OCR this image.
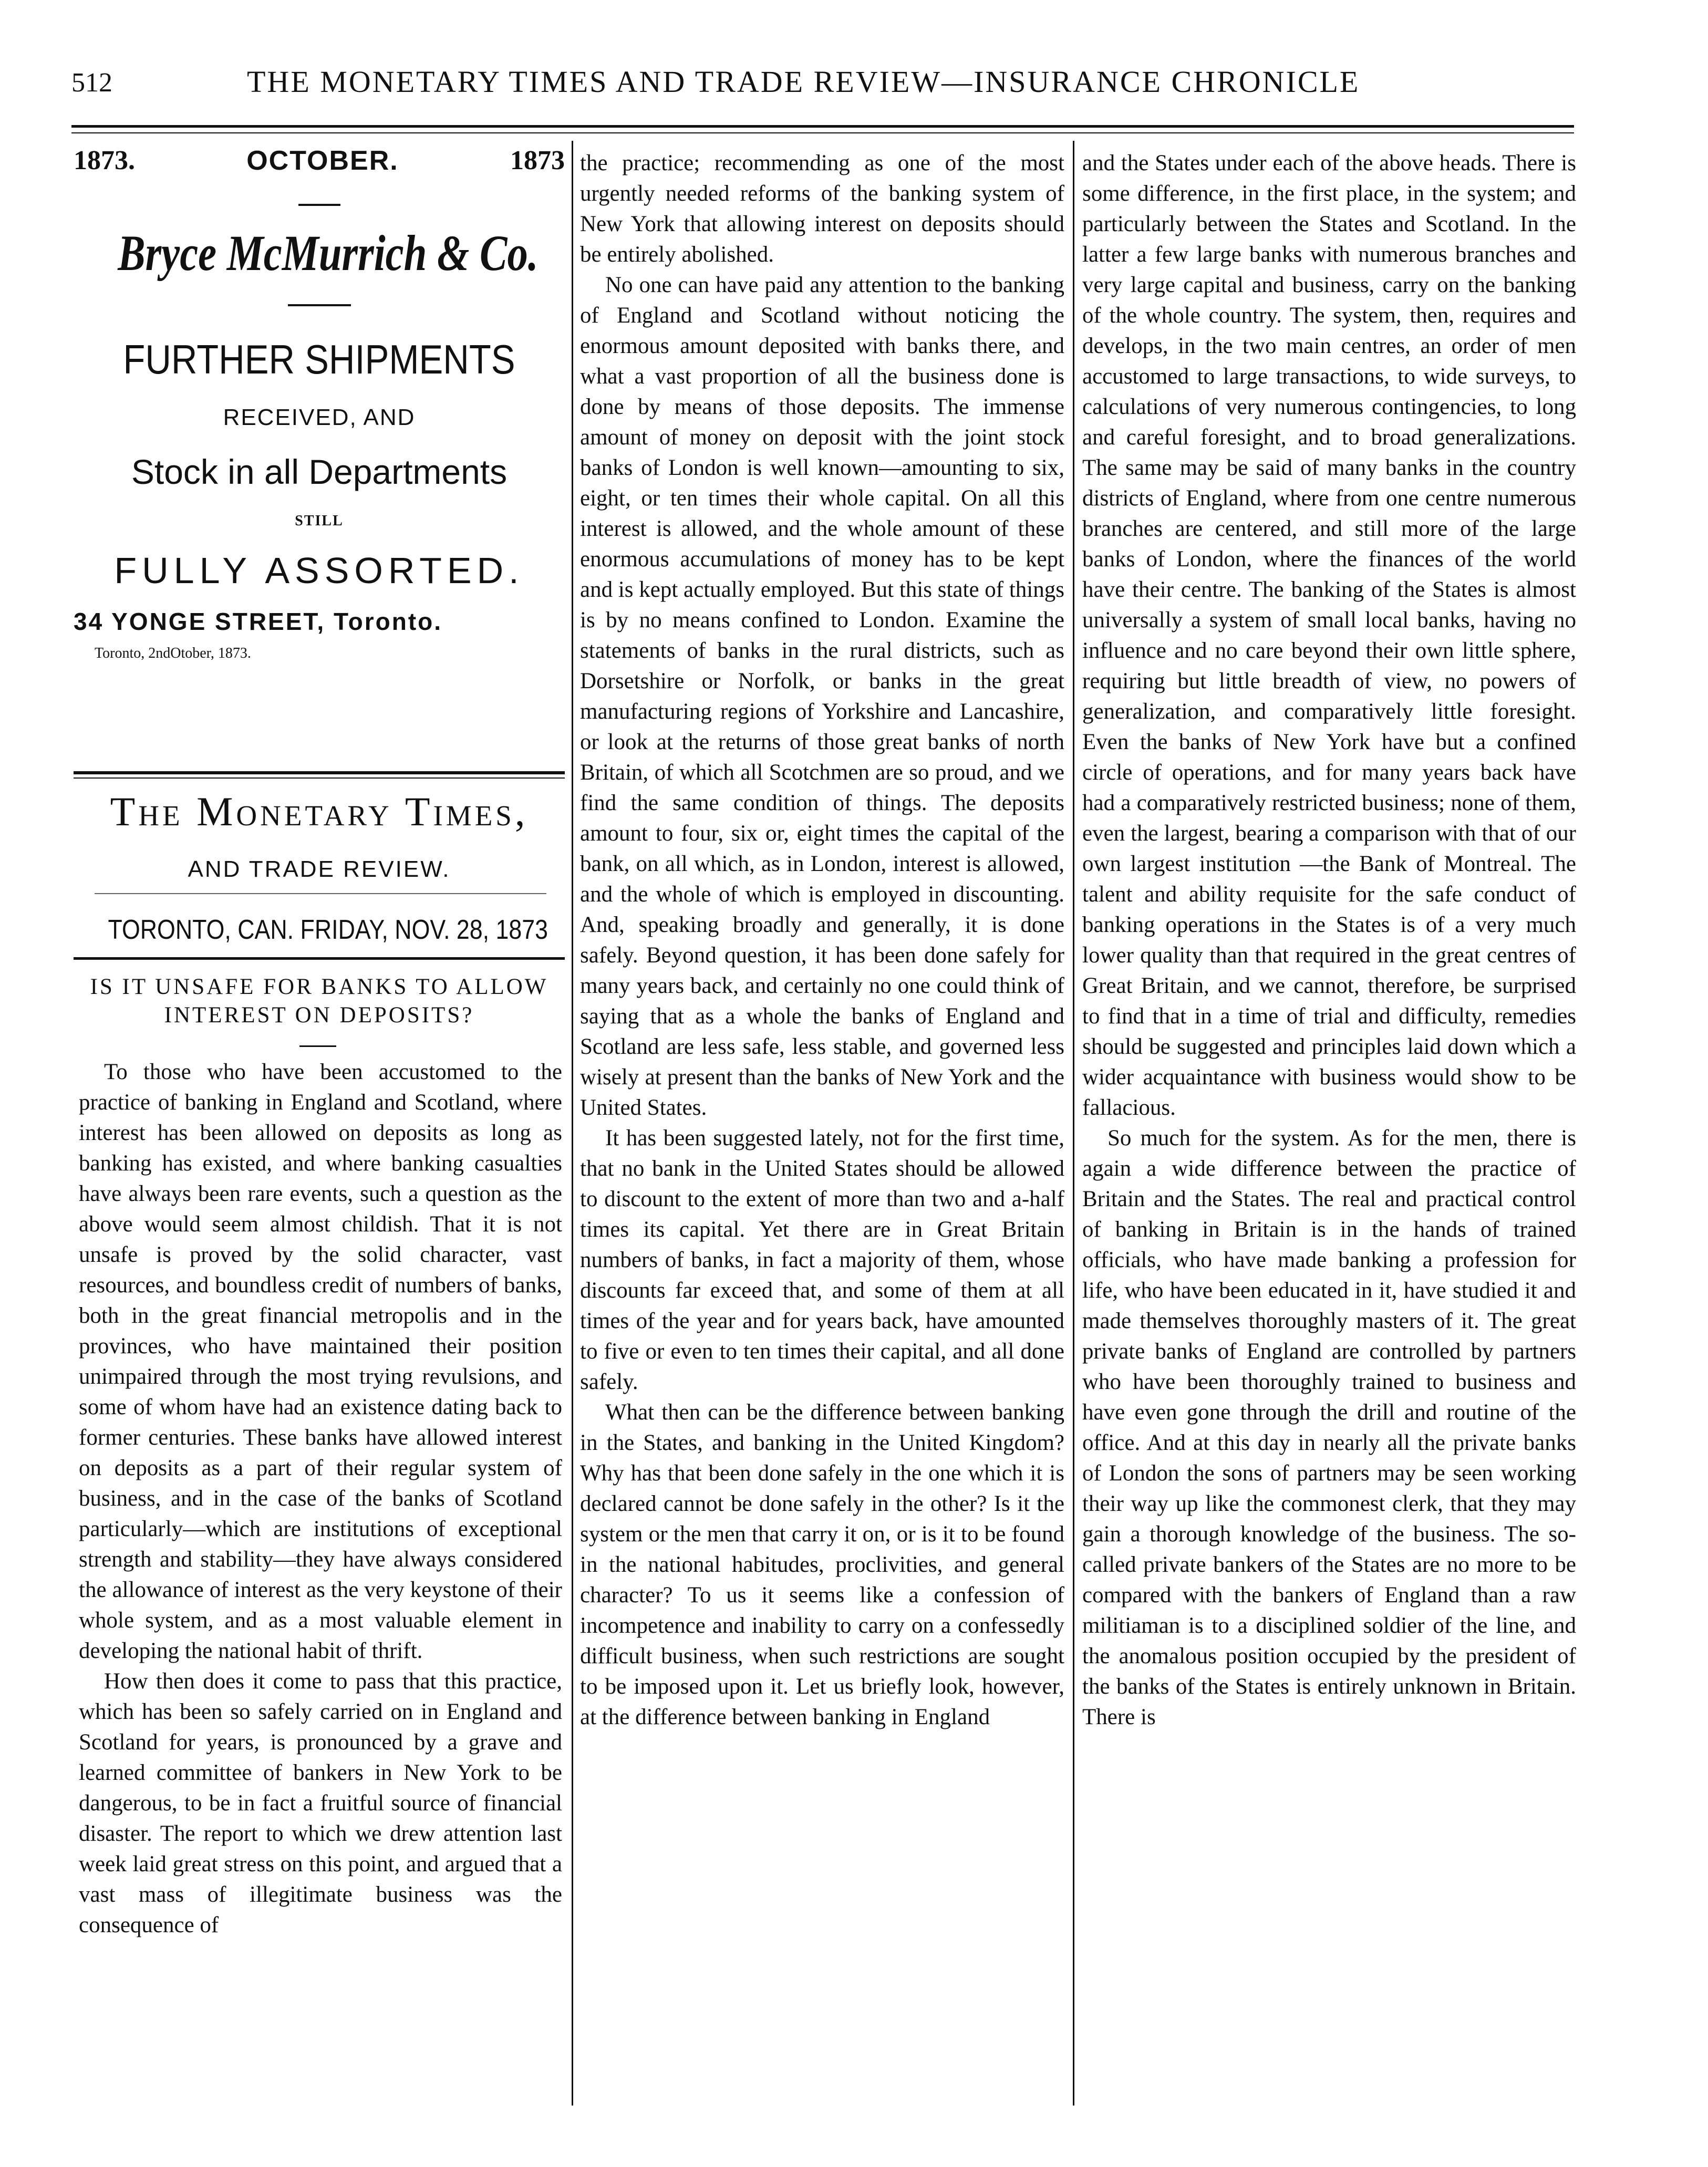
512	THE MONETARY TIMES AND TRADE REVIEW—INSURANCE CHRONICLE
1873.	OCTOBER.	1873
Bryce McMurrich & Co.
FURTHER SHIPMENTS
RECEIVED, AND
Stock in all Departments
STILL
FULLY ASSORTED.
34 YONGE STREET, Toronto.
Toronto, 2ndOtober, 1873.
The Monetary Times,
AND TRADE REVIEW.
TORONTO, CAN. FRIDAY, NOV. 28, 1873
IS IT UNSAFE FOR BANKS TO ALLOW INTEREST ON DEPOSITS?

To those who have been accustomed to the practice of banking in England and Scotland, where interest has been allowed on deposits as long as banking has existed, and where banking casualties have always been rare events, such a question as the above would seem almost childish. That it is not unsafe is proved by the solid character, vast resources, and boundless credit of numbers of banks, both in the great financial metropolis and in the provinces, who have maintained their position unimpaired through the most trying revulsions, and some of whom have had an existence dating back to former centuries. These banks have allowed interest on deposits as a part of their regular system of business, and in the case of the banks of Scotland particularly—which are institutions of exceptional strength and stability—they have always considered the allowance of interest as the very keystone of their whole system, and as a most valuable element in developing the national habit of thrift.

How then does it come to pass that this practice, which has been so safely carried on in England and Scotland for years, is pronounced by a grave and learned committee of bankers in New York to be dangerous, to be in fact a fruitful source of financial disaster. The report to which we drew attention last week laid great stress on this point, and argued that a vast mass of illegitimate business was the consequence of

the practice; recommending as one of the most urgently needed reforms of the banking system of New York that allowing interest on deposits should be entirely abolished.

No one can have paid any attention to the banking of England and Scotland without noticing the enormous amount deposited with banks there, and what a vast proportion of all the business done is done by means of those deposits. The immense amount of money on deposit with the joint stock banks of London is well known—amounting to six, eight, or ten times their whole capital. On all this interest is allowed, and the whole amount of these enormous accumulations of money has to be kept and is kept actually employed. But this state of things is by no means confined to London. Examine the statements of banks in the rural districts, such as Dorsetshire or Norfolk, or banks in the great manufacturing regions of Yorkshire and Lancashire, or look at the returns of those great banks of north Britain, of which all Scotchmen are so proud, and we find the same condition of things. The deposits amount to four, six or, eight times the capital of the bank, on all which, as in London, interest is allowed, and the whole of which is employed in discounting. And, speaking broadly and generally, it is done safely. Beyond question, it has been done safely for many years back, and certainly no one could think of saying that as a whole the banks of England and Scotland are less safe, less stable, and governed less wisely at present than the banks of New York and the United States.

It has been suggested lately, not for the first time, that no bank in the United States should be allowed to discount to the extent of more than two and a-half times its capital. Yet there are in Great Britain numbers of banks, in fact a majority of them, whose discounts far exceed that, and some of them at all times of the year and for years back, have amounted to five or even to ten times their capital, and all done safely.

What then can be the difference between banking in the States, and banking in the United Kingdom? Why has that been done safely in the one which it is declared cannot be done safely in the other? Is it the system or the men that carry it on, or is it to be found in the national habitudes, proclivities, and general character? To us it seems like a confession of incompetence and inability to carry on a confessedly difficult business, when such restrictions are sought to be imposed upon it. Let us briefly look, however, at the difference between banking in England

and the States under each of the above heads. There is some difference, in the first place, in the system; and particularly between the States and Scotland. In the latter a few large banks with numerous branches and very large capital and business, carry on the banking of the whole country. The system, then, requires and develops, in the two main centres, an order of men accustomed to large transactions, to wide surveys, to calculations of very numerous contingencies, to long and careful foresight, and to broad generalizations. The same may be said of many banks in the country districts of England, where from one centre numerous branches are centered, and still more of the large banks of London, where the finances of the world have their centre. The banking of the States is almost universally a system of small local banks, having no influence and no care beyond their own little sphere, requiring but little breadth of view, no powers of generalization, and comparatively little foresight. Even the banks of New York have but a confined circle of operations, and for many years back have had a comparatively restricted business; none of them, even the largest, bearing a comparison with that of our own largest institution —the Bank of Montreal. The talent and ability requisite for the safe conduct of banking operations in the States is of a very much lower quality than that required in the great centres of Great Britain, and we cannot, therefore, be surprised to find that in a time of trial and difficulty, remedies should be suggested and principles laid down which a wider acquaintance with business would show to be fallacious.

So much for the system. As for the men, there is again a wide difference between the practice of Britain and the States. The real and practical control of banking in Britain is in the hands of trained officials, who have made banking a profession for life, who have been educated in it, have studied it and made themselves thoroughly masters of it. The great private banks of England are controlled by partners who have been thoroughly trained to business and have even gone through the drill and routine of the office. And at this day in nearly all the private banks of London the sons of partners may be seen working their way up like the commonest clerk, that they may gain a thorough knowledge of the business. The so-called private bankers of the States are no more to be compared with the bankers of England than a raw militiaman is to a disciplined soldier of the line, and the anomalous position occupied by the president of the banks of the States is entirely unknown in Britain. There is
